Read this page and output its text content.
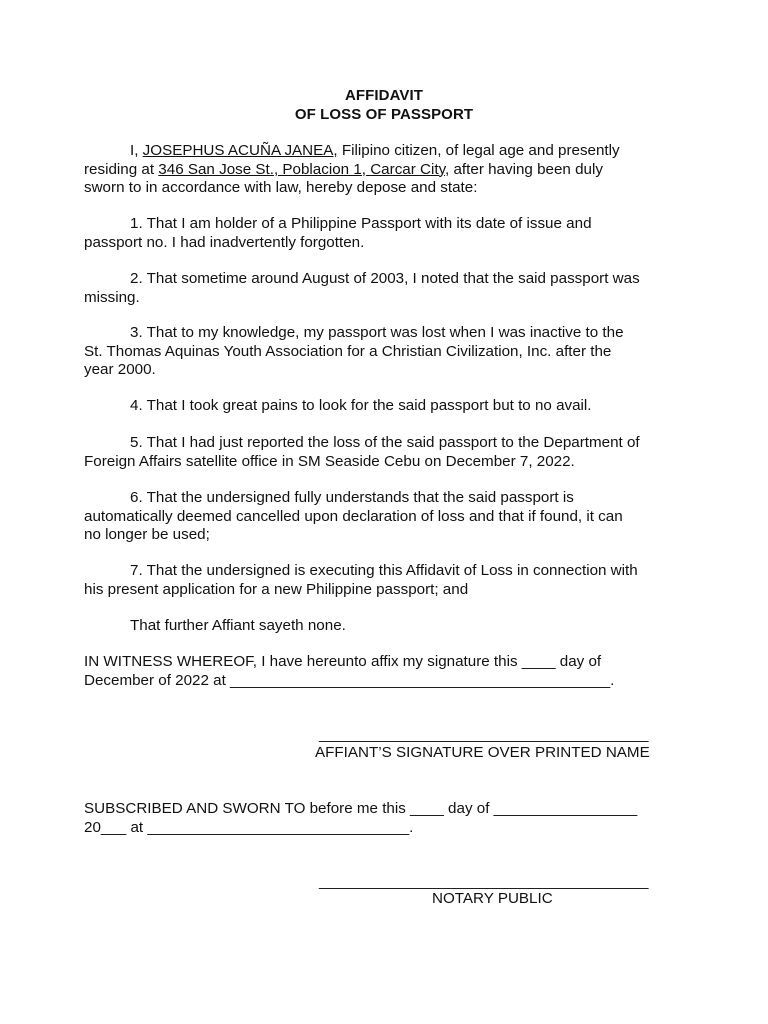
AFFIDAVIT
OF LOSS OF PASSPORT
I, JOSEPHUS ACUÑA JANEA, Filipino citizen, of legal age and presently
residing at 346 San Jose St., Poblacion 1, Carcar City, after having been duly
sworn to in accordance with law, hereby depose and state:
1. That I am holder of a Philippine Passport with its date of issue and
passport no. I had inadvertently forgotten.
2. That sometime around August of 2003, I noted that the said passport was
missing.
3. That to my knowledge, my passport was lost when I was inactive to the
St. Thomas Aquinas Youth Association for a Christian Civilization, Inc. after the
year 2000.
4. That I took great pains to look for the said passport but to no avail.
5. That I had just reported the loss of the said passport to the Department of
Foreign Affairs satellite office in SM Seaside Cebu on December 7, 2022.
6. That the undersigned fully understands that the said passport is
automatically deemed cancelled upon declaration of loss and that if found, it can
no longer be used;
7. That the undersigned is executing this Affidavit of Loss in connection with
his present application for a new Philippine passport; and
That further Affiant sayeth none.
IN WITNESS WHEREOF, I have hereunto affix my signature this ____ day of
December of 2022 at _____________________________________________.
_______________________________________
AFFIANT’S SIGNATURE OVER PRINTED NAME
SUBSCRIBED AND SWORN TO before me this ____ day of _________________
20___ at _______________________________.
_______________________________________
NOTARY PUBLIC
